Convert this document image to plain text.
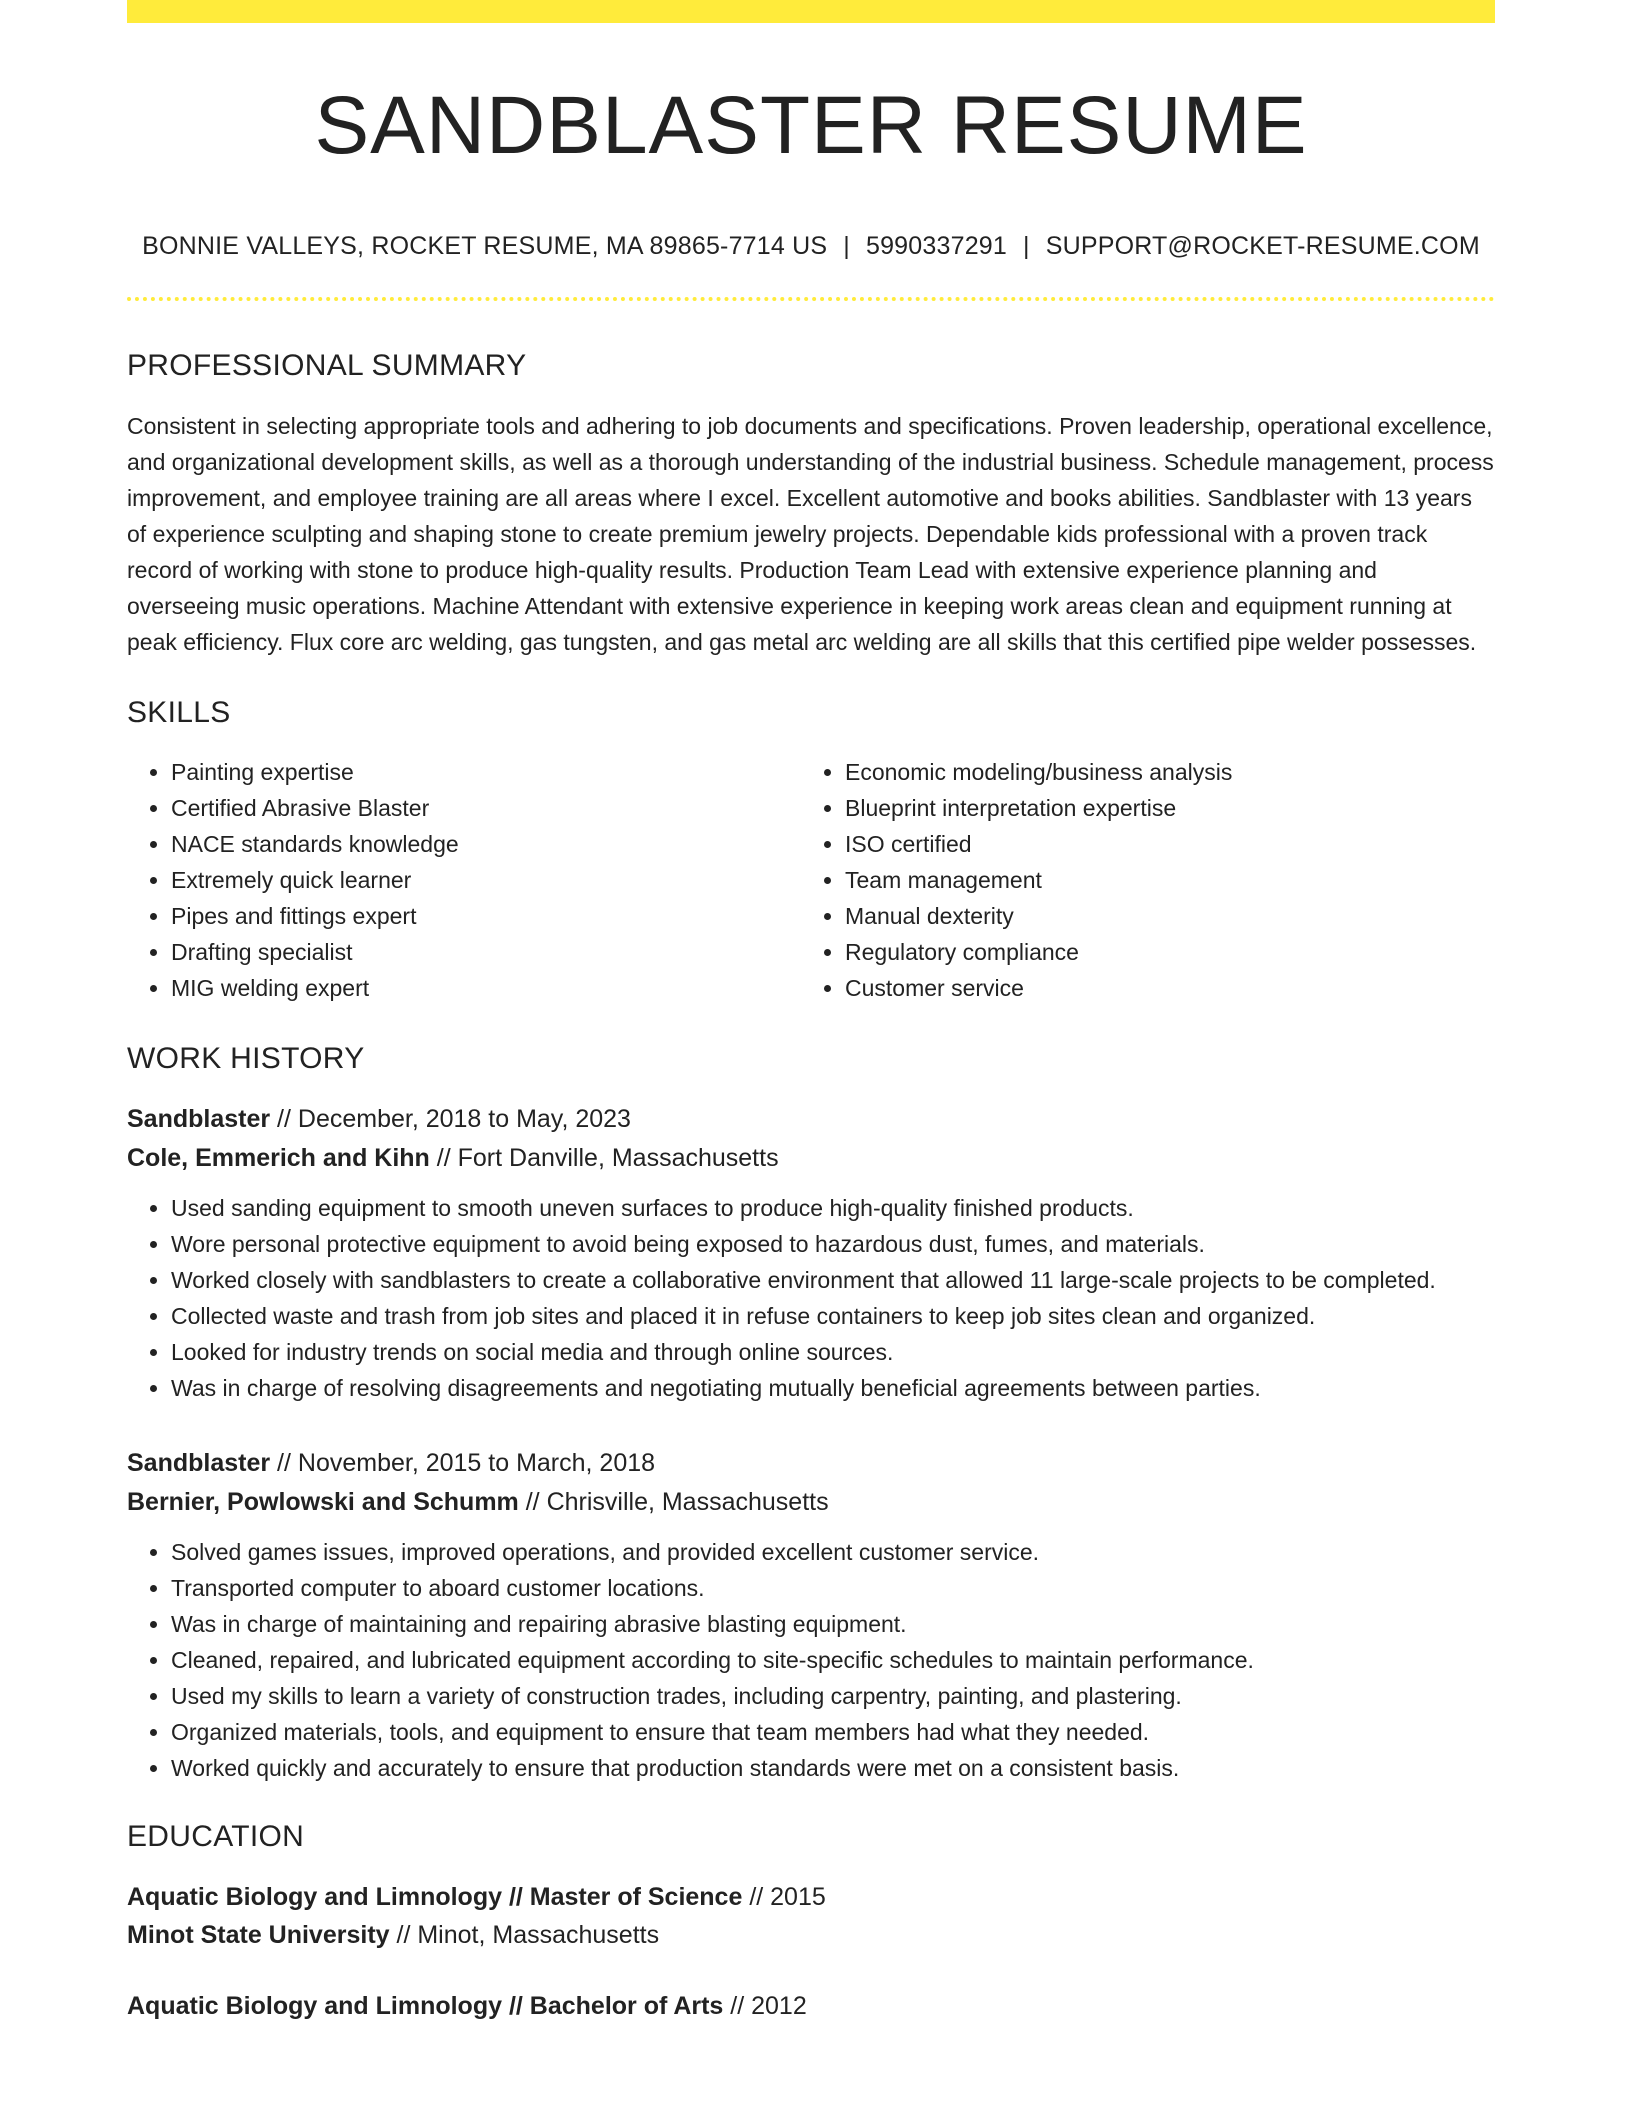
SANDBLASTER RESUME
BONNIE VALLEYS, ROCKET RESUME, MA 89865-7714 US | 5990337291 | SUPPORT@ROCKET-RESUME.COM
PROFESSIONAL SUMMARY

Consistent in selecting appropriate tools and adhering to job documents and specifications. Proven leadership, operational excellence, and organizational development skills, as well as a thorough understanding of the industrial business. Schedule management, process improvement, and employee training are all areas where I excel. Excellent automotive and books abilities. Sandblaster with 13 years of experience sculpting and shaping stone to create premium jewelry projects. Dependable kids professional with a proven track record of working with stone to produce high-quality results. Production Team Lead with extensive experience planning and overseeing music operations. Machine Attendant with extensive experience in keeping work areas clean and equipment running at peak efficiency. Flux core arc welding, gas tungsten, and gas metal arc welding are all skills that this certified pipe welder possesses.

SKILLS
• Painting expertise
• Certified Abrasive Blaster
• NACE standards knowledge
• Extremely quick learner
• Pipes and fittings expert
• Drafting specialist
• MIG welding expert
• Economic modeling/business analysis
• Blueprint interpretation expertise
• ISO certified
• Team management
• Manual dexterity
• Regulatory compliance
• Customer service
WORK HISTORY
Sandblaster // December, 2018 to May, 2023
Cole, Emmerich and Kihn // Fort Danville, Massachusetts
• Used sanding equipment to smooth uneven surfaces to produce high-quality finished products.
• Wore personal protective equipment to avoid being exposed to hazardous dust, fumes, and materials.
• Worked closely with sandblasters to create a collaborative environment that allowed 11 large-scale projects to be completed.
• Collected waste and trash from job sites and placed it in refuse containers to keep job sites clean and organized.
• Looked for industry trends on social media and through online sources.
• Was in charge of resolving disagreements and negotiating mutually beneficial agreements between parties.
Sandblaster // November, 2015 to March, 2018
Bernier, Powlowski and Schumm // Chrisville, Massachusetts
• Solved games issues, improved operations, and provided excellent customer service.
• Transported computer to aboard customer locations.
• Was in charge of maintaining and repairing abrasive blasting equipment.
• Cleaned, repaired, and lubricated equipment according to site-specific schedules to maintain performance.
• Used my skills to learn a variety of construction trades, including carpentry, painting, and plastering.
• Organized materials, tools, and equipment to ensure that team members had what they needed.
• Worked quickly and accurately to ensure that production standards were met on a consistent basis.
EDUCATION
Aquatic Biology and Limnology // Master of Science // 2015
Minot State University // Minot, Massachusetts
Aquatic Biology and Limnology // Bachelor of Arts // 2012
